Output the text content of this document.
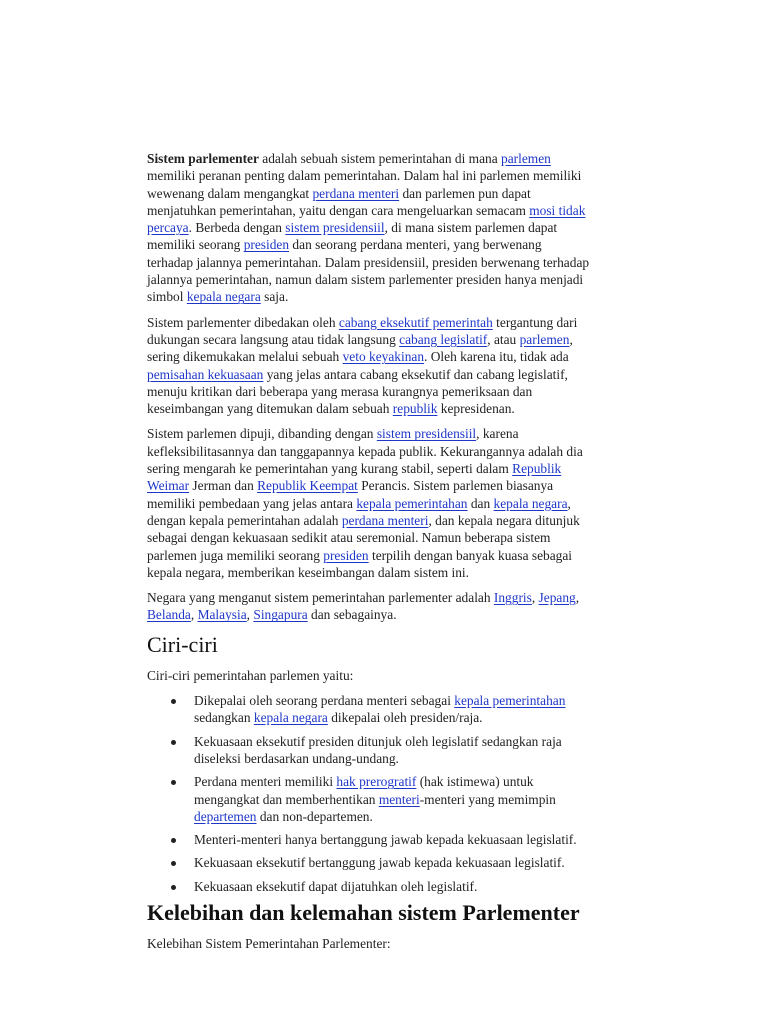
Sistem parlementer adalah sebuah sistem pemerintahan di mana parlemen
memiliki peranan penting dalam pemerintahan. Dalam hal ini parlemen memiliki
wewenang dalam mengangkat perdana menteri dan parlemen pun dapat
menjatuhkan pemerintahan, yaitu dengan cara mengeluarkan semacam mosi tidak
percaya. Berbeda dengan sistem presidensiil, di mana sistem parlemen dapat
memiliki seorang presiden dan seorang perdana menteri, yang berwenang
terhadap jalannya pemerintahan. Dalam presidensiil, presiden berwenang terhadap
jalannya pemerintahan, namun dalam sistem parlementer presiden hanya menjadi
simbol kepala negara saja.

Sistem parlementer dibedakan oleh cabang eksekutif pemerintah tergantung dari
dukungan secara langsung atau tidak langsung cabang legislatif, atau parlemen,
sering dikemukakan melalui sebuah veto keyakinan. Oleh karena itu, tidak ada
pemisahan kekuasaan yang jelas antara cabang eksekutif dan cabang legislatif,
menuju kritikan dari beberapa yang merasa kurangnya pemeriksaan dan
keseimbangan yang ditemukan dalam sebuah republik kepresidenan.

Sistem parlemen dipuji, dibanding dengan sistem presidensiil, karena
kefleksibilitasannya dan tanggapannya kepada publik. Kekurangannya adalah dia
sering mengarah ke pemerintahan yang kurang stabil, seperti dalam Republik
Weimar Jerman dan Republik Keempat Perancis. Sistem parlemen biasanya
memiliki pembedaan yang jelas antara kepala pemerintahan dan kepala negara,
dengan kepala pemerintahan adalah perdana menteri, dan kepala negara ditunjuk
sebagai dengan kekuasaan sedikit atau seremonial. Namun beberapa sistem
parlemen juga memiliki seorang presiden terpilih dengan banyak kuasa sebagai
kepala negara, memberikan keseimbangan dalam sistem ini.

Negara yang menganut sistem pemerintahan parlementer adalah Inggris, Jepang,
Belanda, Malaysia, Singapura dan sebagainya.

Ciri-ciri

Ciri-ciri pemerintahan parlemen yaitu:

Dikepalai oleh seorang perdana menteri sebagai kepala pemerintahan
sedangkan kepala negara dikepalai oleh presiden/raja.
Kekuasaan eksekutif presiden ditunjuk oleh legislatif sedangkan raja
diseleksi berdasarkan undang-undang.
Perdana menteri memiliki hak prerogratif (hak istimewa) untuk
mengangkat dan memberhentikan menteri-menteri yang memimpin
departemen dan non-departemen.
Menteri-menteri hanya bertanggung jawab kepada kekuasaan legislatif.
Kekuasaan eksekutif bertanggung jawab kepada kekuasaan legislatif.
Kekuasaan eksekutif dapat dijatuhkan oleh legislatif.
Kelebihan dan kelemahan sistem Parlementer

Kelebihan Sistem Pemerintahan Parlementer:
